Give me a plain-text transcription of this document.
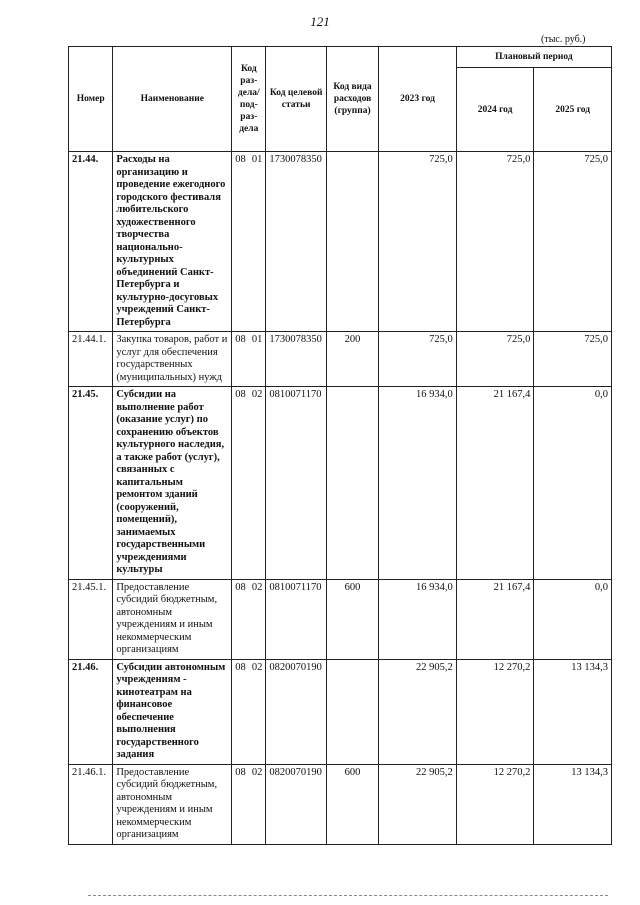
121
(тыс. руб.)
Номер	Наименование	Код раз-дела/ под-раз-дела		Код целевой статьи	Код вида расходов (группа)	2023 год	Плановый период	
							2024 год	2025 год
21.44.	Расходы на организацию и проведение ежегодного городского фестиваля любительского художественного творчества национально-культурных объединений Санкт-Петербурга и культурно-досуговых учреждений Санкт-Петербурга	08	01	1730078350		725,0	725,0	725,0
21.44.1.	Закупка товаров, работ и услуг для обеспечения государственных (муниципальных) нужд	08	01	1730078350	200	725,0	725,0	725,0
21.45.	Субсидии на выполнение работ (оказание услуг) по сохранению объектов культурного наследия, а также работ (услуг), связанных с капитальным ремонтом зданий (сооружений, помещений), занимаемых государственными учреждениями культуры	08	02	0810071170		16 934,0	21 167,4	0,0
21.45.1.	Предоставление субсидий бюджетным, автономным учреждениям и иным некоммерческим организациям	08	02	0810071170	600	16 934,0	21 167,4	0,0
21.46.	Субсидии автономным учреждениям - кинотеатрам на финансовое обеспечение выполнения государственного задания	08	02	0820070190		22 905,2	12 270,2	13 134,3
21.46.1.	Предоставление субсидий бюджетным, автономным учреждениям и иным некоммерческим организациям	08	02	0820070190	600	22 905,2	12 270,2	13 134,3
